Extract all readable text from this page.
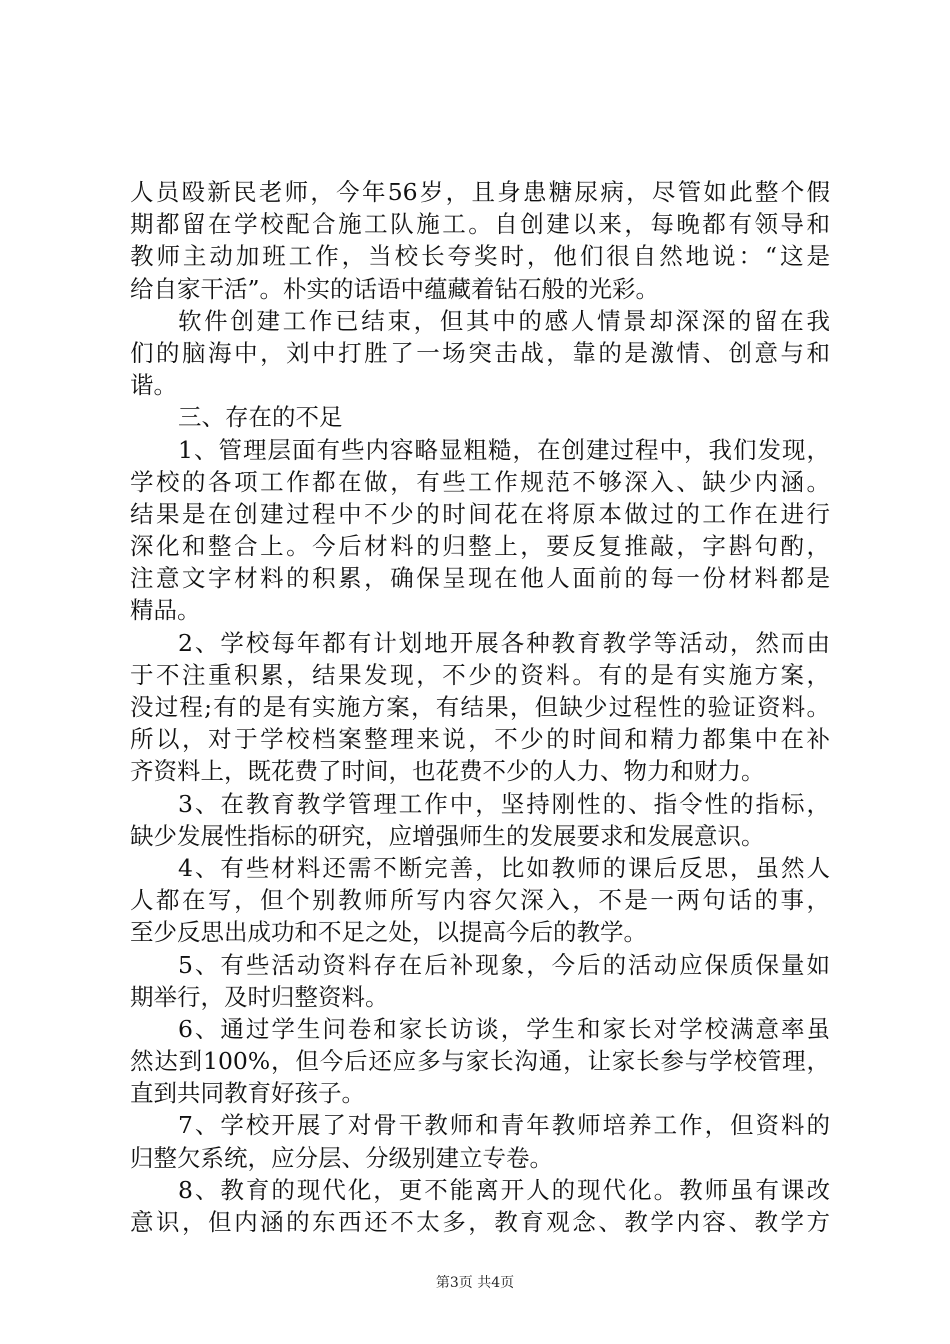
人员殴新民老师，今年56岁，且身患糖尿病，尽管如此整个假
期都留在学校配合施工队施工。自创建以来，每晚都有领导和
教师主动加班工作，当校长夸奖时，他们很自然地说：“这是
给自家干活”。朴实的话语中蕴藏着钻石般的光彩。
软件创建工作已结束，但其中的感人情景却深深的留在我
们的脑海中，刘中打胜了一场突击战，靠的是激情、创意与和
谐。
三、存在的不足
1、管理层面有些内容略显粗糙，在创建过程中，我们发现，
学校的各项工作都在做，有些工作规范不够深入、缺少内涵。
结果是在创建过程中不少的时间花在将原本做过的工作在进行
深化和整合上。今后材料的归整上，要反复推敲，字斟句酌，
注意文字材料的积累，确保呈现在他人面前的每一份材料都是
精品。
2、学校每年都有计划地开展各种教育教学等活动，然而由
于不注重积累，结果发现，不少的资料。有的是有实施方案，
没过程;有的是有实施方案，有结果，但缺少过程性的验证资料。
所以，对于学校档案整理来说，不少的时间和精力都集中在补
齐资料上，既花费了时间，也花费不少的人力、物力和财力。
3、在教育教学管理工作中，坚持刚性的、指令性的指标，
缺少发展性指标的研究，应增强师生的发展要求和发展意识。
4、有些材料还需不断完善，比如教师的课后反思，虽然人
人都在写，但个别教师所写内容欠深入，不是一两句话的事，
至少反思出成功和不足之处，以提高今后的教学。
5、有些活动资料存在后补现象，今后的活动应保质保量如
期举行，及时归整资料。
6、通过学生问卷和家长访谈，学生和家长对学校满意率虽
然达到100%，但今后还应多与家长沟通，让家长参与学校管理，
直到共同教育好孩子。
7、学校开展了对骨干教师和青年教师培养工作，但资料的
归整欠系统，应分层、分级别建立专卷。
8、教育的现代化，更不能离开人的现代化。教师虽有课改
意识，但内涵的东西还不太多，教育观念、教学内容、教学方
第3页 共4页
